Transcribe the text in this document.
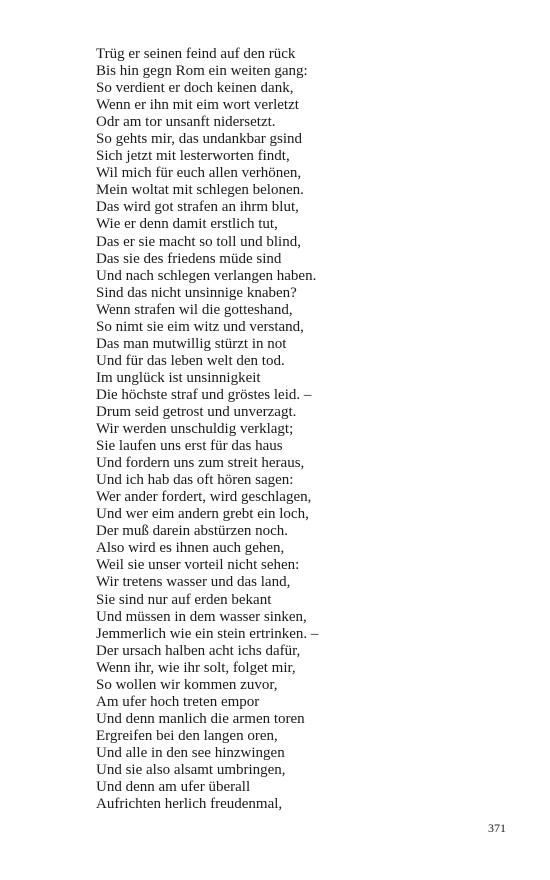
Trüg er seinen feind auf den rück
Bis hin gegn Rom ein weiten gang:
So verdient er doch keinen dank,
Wenn er ihn mit eim wort verletzt
Odr am tor unsanft nidersetzt.
So gehts mir, das undankbar gsind
Sich jetzt mit lesterworten findt,
Wil mich für euch allen verhönen,
Mein woltat mit schlegen belonen.
Das wird got strafen an ihrm blut,
Wie er denn damit erstlich tut,
Das er sie macht so toll und blind,
Das sie des friedens müde sind
Und nach schlegen verlangen haben.
Sind das nicht unsinnige knaben?
Wenn strafen wil die gotteshand,
So nimt sie eim witz und verstand,
Das man mutwillig stürzt in not
Und für das leben welt den tod.
Im unglück ist unsinnigkeit
Die höchste straf und gröstes leid. –
Drum seid getrost und unverzagt.
Wir werden unschuldig verklagt;
Sie laufen uns erst für das haus
Und fordern uns zum streit heraus,
Und ich hab das oft hören sagen:
Wer ander fordert, wird geschlagen,
Und wer eim andern grebt ein loch,
Der muß darein abstürzen noch.
Also wird es ihnen auch gehen,
Weil sie unser vorteil nicht sehen:
Wir tretens wasser und das land,
Sie sind nur auf erden bekant
Und müssen in dem wasser sinken,
Jemmerlich wie ein stein ertrinken. –
Der ursach halben acht ichs dafür,
Wenn ihr, wie ihr solt, folget mir,
So wollen wir kommen zuvor,
Am ufer hoch treten empor
Und denn manlich die armen toren
Ergreifen bei den langen oren,
Und alle in den see hinzwingen
Und sie also alsamt umbringen,
Und denn am ufer überall
Aufrichten herlich freudenmal,
371
